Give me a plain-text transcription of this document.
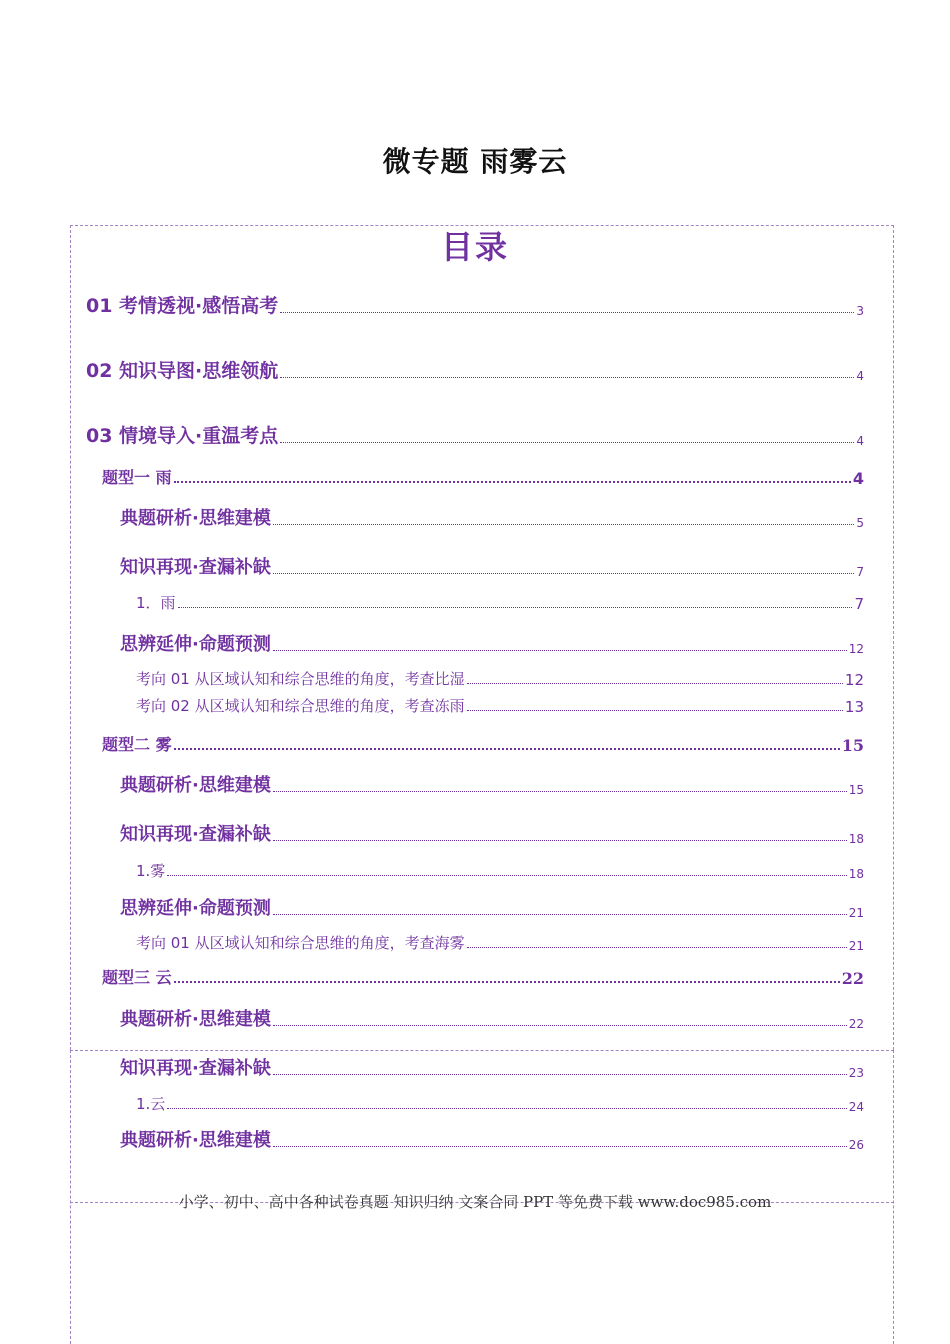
微专题 雨雾云
目录
01 考情透视·感悟高考	3
02 知识导图·思维领航	4
03 情境导入·重温考点	4
题型一 雨	4
典题研析·思维建模	5
知识再现·查漏补缺	7
1．雨	7
思辨延伸·命题预测	12
考向 01 从区域认知和综合思维的角度，考查比湿	12
考向 02 从区域认知和综合思维的角度，考查冻雨	13
题型二 雾	15
典题研析·思维建模	15
知识再现·查漏补缺	18
1.雾	18
思辨延伸·命题预测	21
考向 01 从区域认知和综合思维的角度，考查海雾	21
题型三 云	22
典题研析·思维建模	22
知识再现·查漏补缺	23
1.云	24
典题研析·思维建模	26
小学、初中、高中各种试卷真题 知识归纳 文案合同 PPT 等免费下载 www.doc985.com
